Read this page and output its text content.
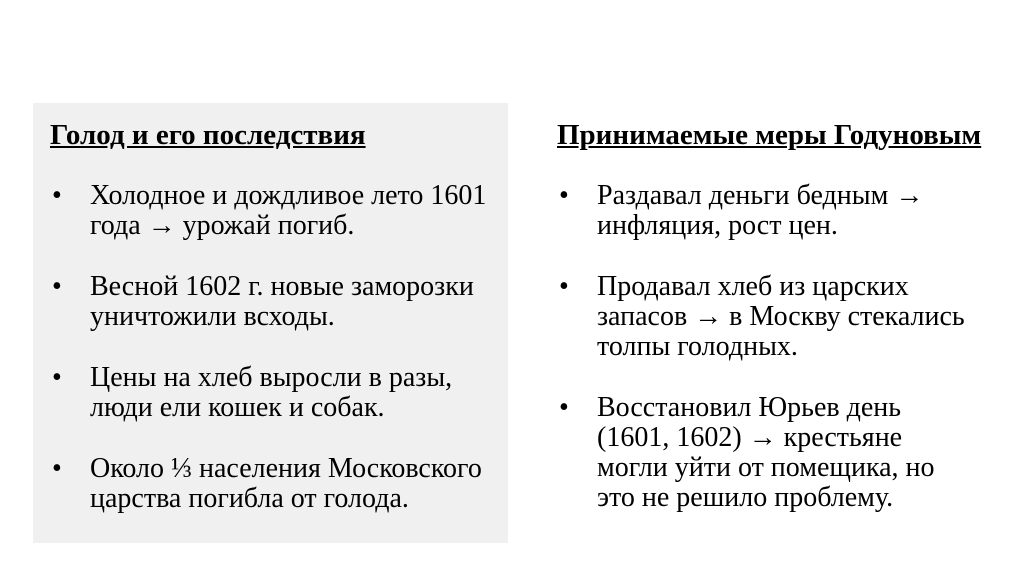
Голод и его последствия
• Холодное и дождливое лето 1601 года → урожай погиб.
• Весной 1602 г. новые заморозки уничтожили всходы.
• Цены на хлеб выросли в разы, люди ели кошек и собак.
• Около ⅓ населения Московского царства погибла от голода.
Принимаемые меры Годуновым
• Раздавал деньги бедным → инфляция, рост цен.
• Продавал хлеб из царских запасов → в Москву стекались толпы голодных.
• Восстановил Юрьев день (1601, 1602) → крестьяне могли уйти от помещика, но это не решило проблему.
